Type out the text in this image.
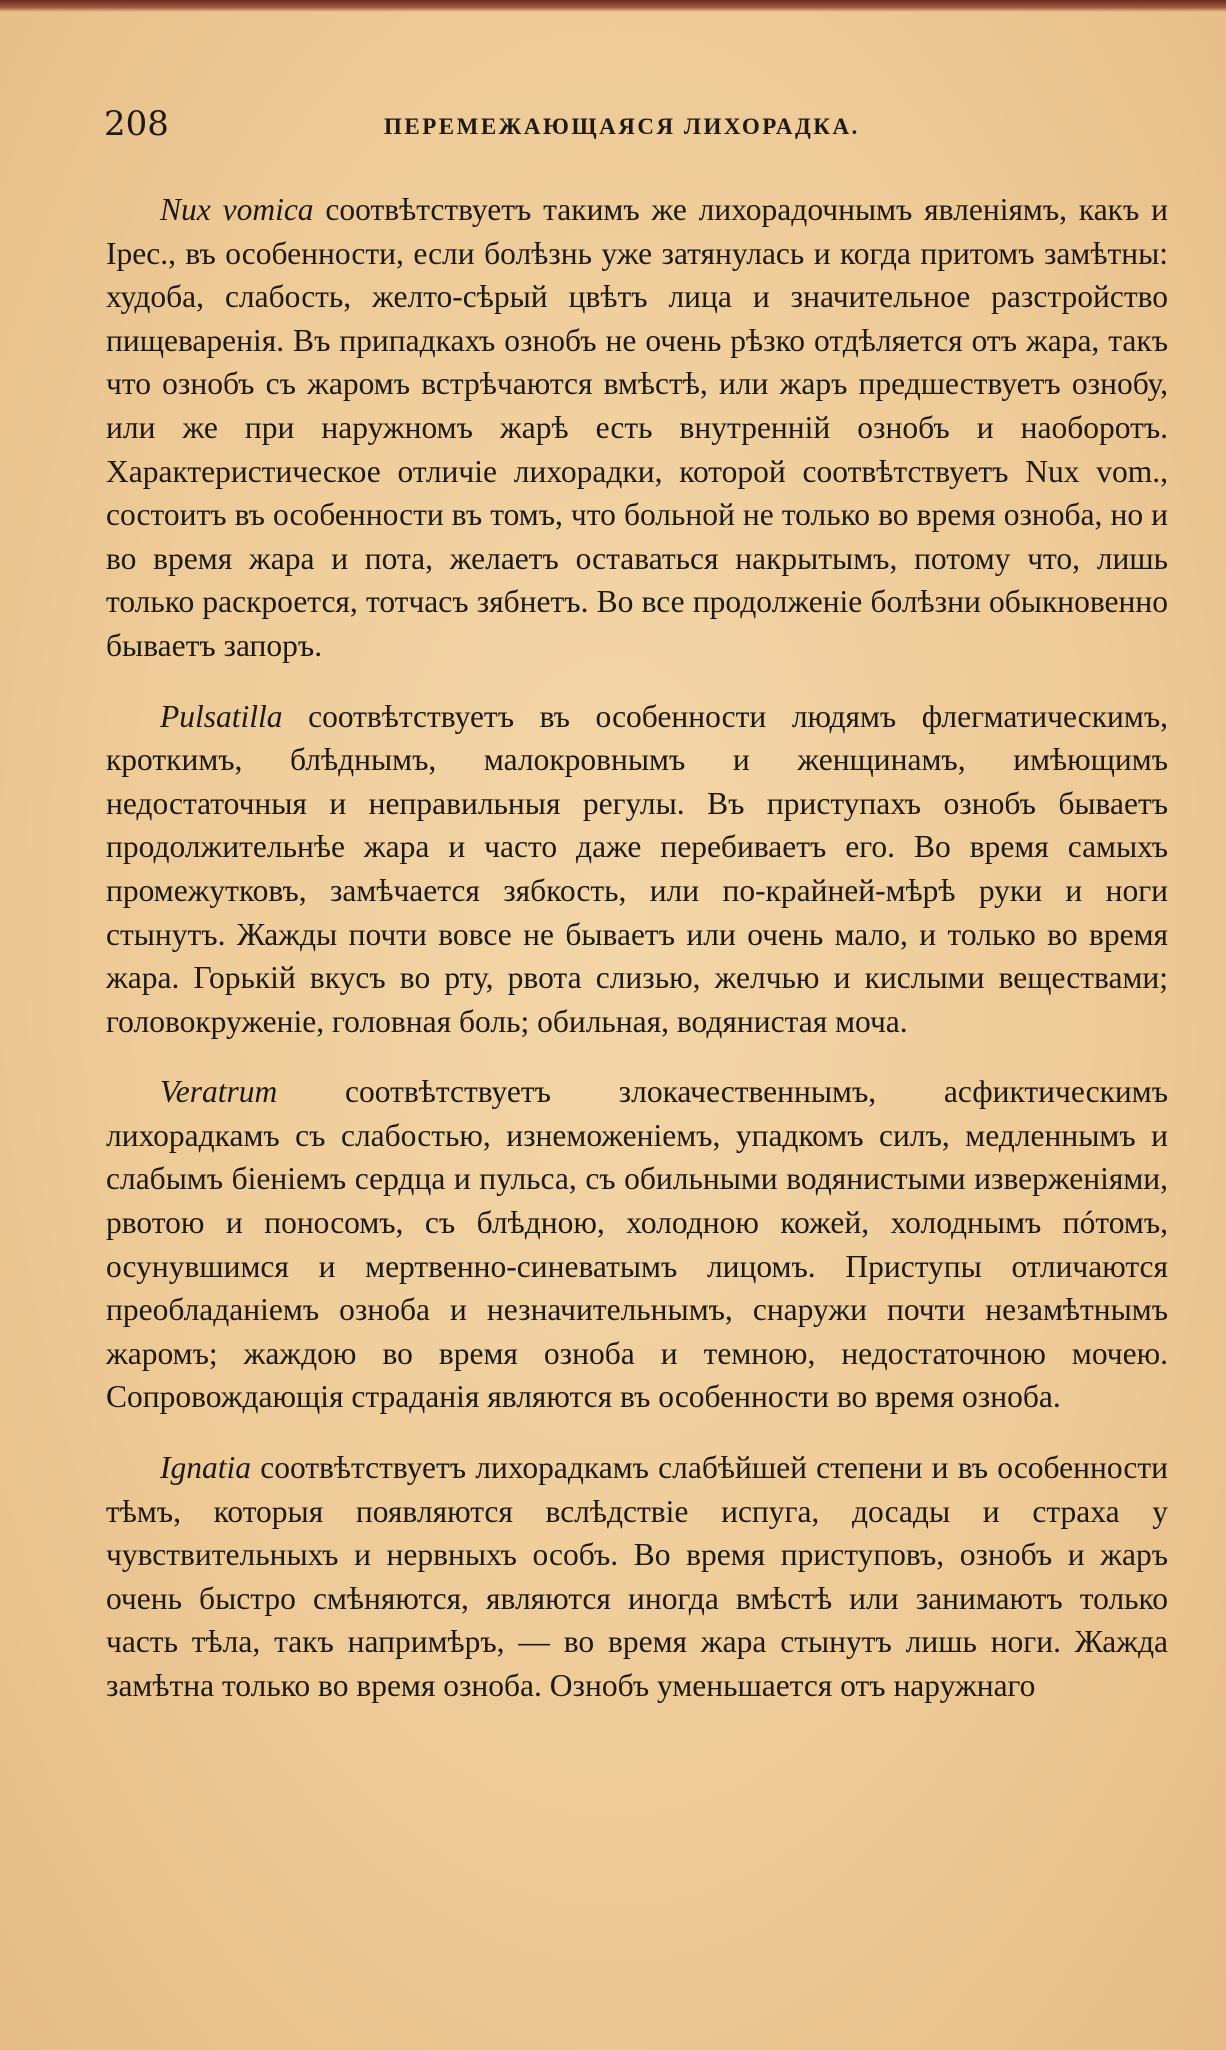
208	ПЕРЕМЕЖАЮЩАЯСЯ ЛИХОРАДКА.

Nux vomica соотвѣтствуетъ такимъ же лихорадочнымъ явленiямъ, какъ и Ipec., въ особенности, если болѣзнь уже затянулась и когда притомъ замѣтны: худоба, слабость, желто-сѣрый цвѣтъ лица и значительное разстройство пищеваренiя. Въ припадкахъ ознобъ не очень рѣзко отдѣляется отъ жара, такъ что ознобъ съ жаромъ встрѣчаются вмѣстѣ, или жаръ предшествуетъ ознобу, или же при наружномъ жарѣ есть внутреннiй ознобъ и наоборотъ. Характеристическое отличiе лихорадки, которой соотвѣтствуетъ Nux vom., состоитъ въ особенности въ томъ, что больной не только во время озноба, но и во время жара и пота, желаетъ оставаться накрытымъ, потому что, лишь только раскроется, тотчасъ зябнетъ. Во все продолженiе болѣзни обыкновенно бываетъ запоръ.

Pulsatilla соотвѣтствуетъ въ особенности людямъ флегматическимъ, кроткимъ, блѣднымъ, малокровнымъ и женщинамъ, имѣющимъ недостаточныя и неправильныя регулы. Въ приступахъ ознобъ бываетъ продолжительнѣе жара и часто даже перебиваетъ его. Во время самыхъ промежутковъ, замѣчается зябкость, или по-крайней-мѣрѣ руки и ноги стынутъ. Жажды почти вовсе не бываетъ или очень мало, и только во время жара. Горькiй вкусъ во рту, рвота слизью, желчью и кислыми веществами; головокруженiе, головная боль; обильная, водянистая моча.

Veratrum соотвѣтствуетъ злокачественнымъ, асфиктическимъ лихорадкамъ съ слабостью, изнеможенiемъ, упадкомъ силъ, медленнымъ и слабымъ бiенiемъ сердца и пульса, съ обильными водянистыми изверженiями, рвотою и поносомъ, съ блѣдною, холодною кожей, холоднымъ пóтомъ, осунувшимся и мертвенно-синеватымъ лицомъ. Приступы отличаются преобладанiемъ озноба и незначительнымъ, снаружи почти незамѣтнымъ жаромъ; жаждою во время озноба и темною, недостаточною мочею. Сопровождающiя страданiя являются въ особенности во время озноба.

Ignatia соотвѣтствуетъ лихорадкамъ слабѣйшей степени и въ особенности тѣмъ, которыя появляются вслѣдствiе испуга, досады и страха у чувствительныхъ и нервныхъ особъ. Во время приступовъ, ознобъ и жаръ очень быстро смѣняются, являются иногда вмѣстѣ или занимаютъ только часть тѣла, такъ напримѣръ, — во время жара стынутъ лишь ноги. Жажда замѣтна только во время озноба. Ознобъ уменьшается отъ наружнаго
